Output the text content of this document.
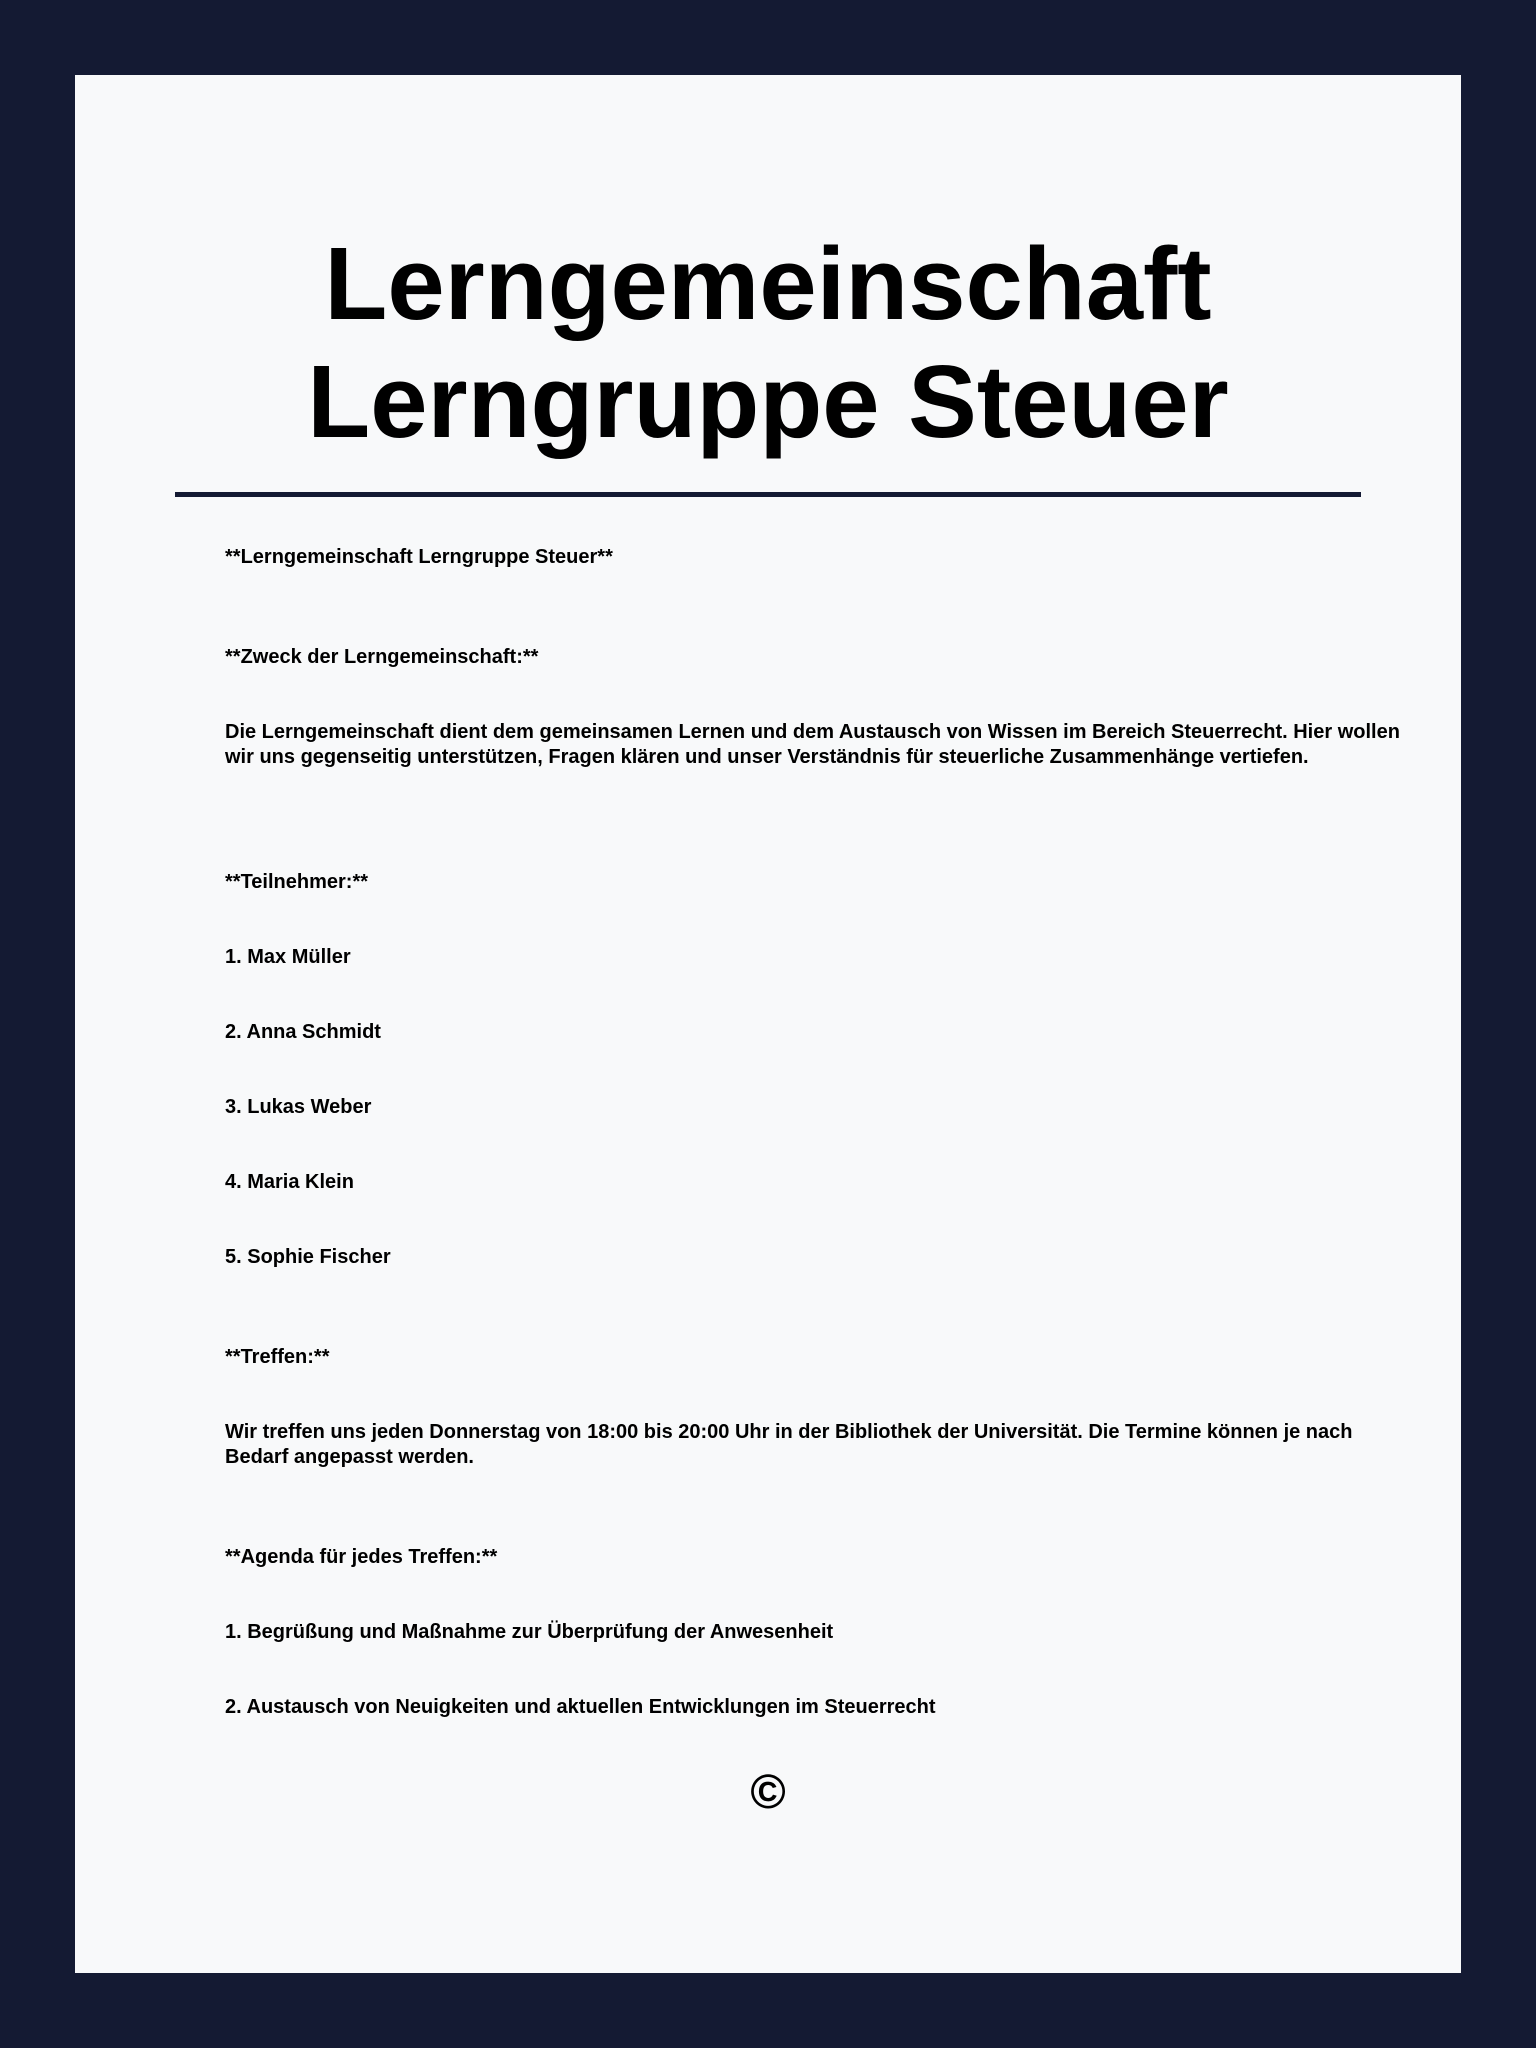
Lerngemeinschaft
Lerngruppe Steuer

**Lerngemeinschaft Lerngruppe Steuer**

**Zweck der Lerngemeinschaft:**

Die Lerngemeinschaft dient dem gemeinsamen Lernen und dem Austausch von Wissen im Bereich Steuerrecht. Hier wollen wir uns gegenseitig unterstützen, Fragen klären und unser Verständnis für steuerliche Zusammenhänge vertiefen.

**Teilnehmer:**

1. Max Müller

2. Anna Schmidt

3. Lukas Weber

4. Maria Klein

5. Sophie Fischer

**Treffen:**

Wir treffen uns jeden Donnerstag von 18:00 bis 20:00 Uhr in der Bibliothek der Universität. Die Termine können je nach Bedarf angepasst werden.

**Agenda für jedes Treffen:**

1. Begrüßung und Maßnahme zur Überprüfung der Anwesenheit

2. Austausch von Neuigkeiten und aktuellen Entwicklungen im Steuerrecht

©
